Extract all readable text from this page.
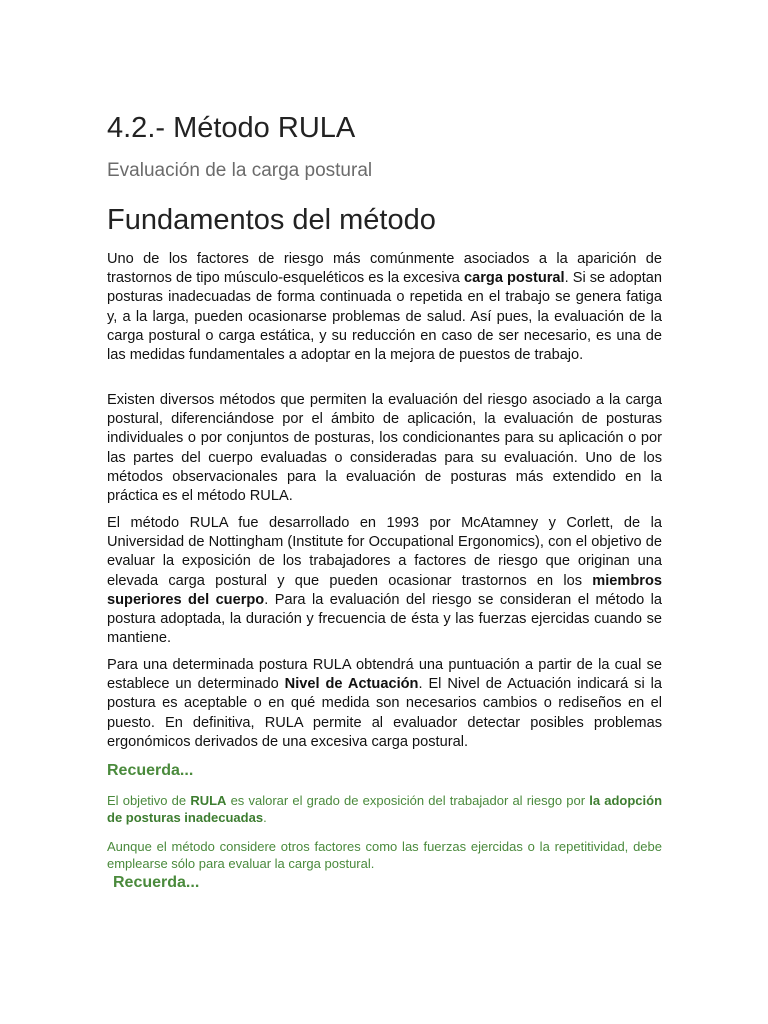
4.2.- Método RULA
Evaluación de la carga postural
Fundamentos del método

Uno de los factores de riesgo más comúnmente asociados a la aparición de trastornos de tipo músculo-esqueléticos es la excesiva carga postural. Si se adoptan posturas inadecuadas de forma continuada o repetida en el trabajo se genera fatiga y, a la larga, pueden ocasionarse problemas de salud. Así pues, la evaluación de la carga postural o carga estática, y su reducción en caso de ser necesario, es una de las medidas fundamentales a adoptar en la mejora de puestos de trabajo.

Existen diversos métodos que permiten la evaluación del riesgo asociado a la carga postural, diferenciándose por el ámbito de aplicación, la evaluación de posturas individuales o por conjuntos de posturas, los condicionantes para su aplicación o por las partes del cuerpo evaluadas o consideradas para su evaluación. Uno de los métodos observacionales para la evaluación de posturas más extendido en la práctica es el método RULA.

El método RULA fue desarrollado en 1993 por McAtamney y Corlett, de la Universidad de Nottingham (Institute for Occupational Ergonomics), con el objetivo de evaluar la exposición de los trabajadores a factores de riesgo que originan una elevada carga postural y que pueden ocasionar trastornos en los miembros superiores del cuerpo. Para la evaluación del riesgo se consideran el método la postura adoptada, la duración y frecuencia de ésta y las fuerzas ejercidas cuando se mantiene.

Para una determinada postura RULA obtendrá una puntuación a partir de la cual se establece un determinado Nivel de Actuación. El Nivel de Actuación indicará si la postura es aceptable o en qué medida son necesarios cambios o rediseños en el puesto. En definitiva, RULA permite al evaluador detectar posibles problemas ergonómicos derivados de una excesiva carga postural.

Recuerda...

El objetivo de RULA es valorar el grado de exposición del trabajador al riesgo por la adopción de posturas inadecuadas.

Aunque el método considere otros factores como las fuerzas ejercidas o la repetitividad, debe emplearse sólo para evaluar la carga postural.

Recuerda...
